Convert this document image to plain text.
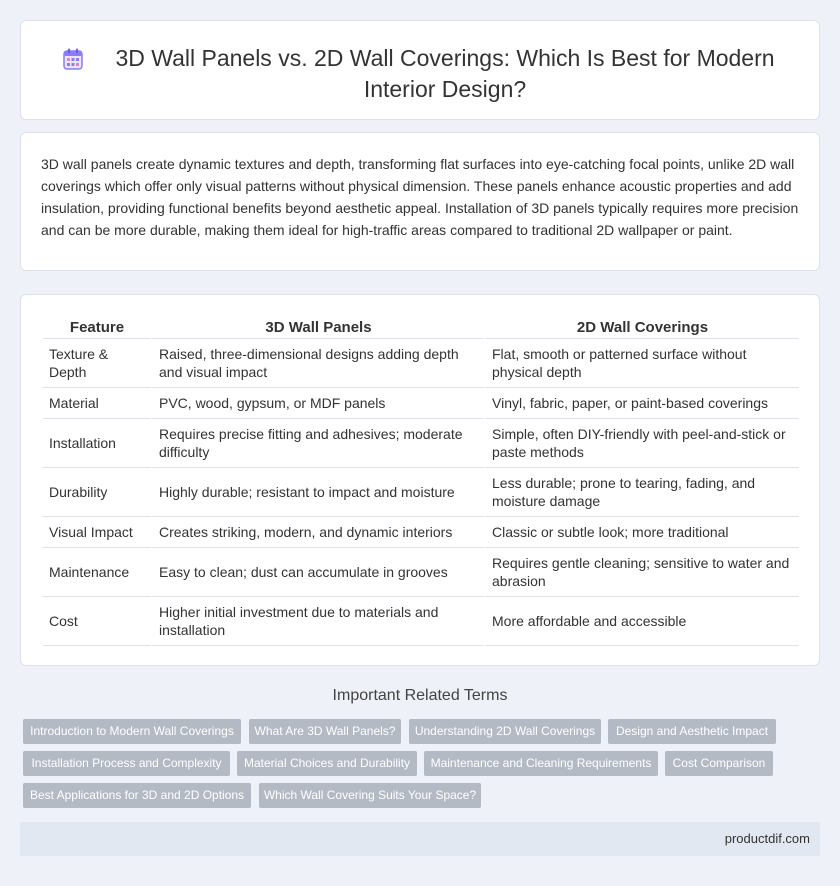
3D Wall Panels vs. 2D Wall Coverings: Which Is Best for Modern Interior Design?

3D wall panels create dynamic textures and depth, transforming flat surfaces into eye-catching focal points, unlike 2D wall coverings which offer only visual patterns without physical dimension. These panels enhance acoustic properties and add insulation, providing functional benefits beyond aesthetic appeal. Installation of 3D panels typically requires more precision and can be more durable, making them ideal for high-traffic areas compared to traditional 2D wallpaper or paint.

Feature	3D Wall Panels	2D Wall Coverings
Texture & Depth	Raised, three-dimensional designs adding depth and visual impact	Flat, smooth or patterned surface without physical depth
Material	PVC, wood, gypsum, or MDF panels	Vinyl, fabric, paper, or paint-based coverings
Installation	Requires precise fitting and adhesives; moderate difficulty	Simple, often DIY-friendly with peel-and-stick or paste methods
Durability	Highly durable; resistant to impact and moisture	Less durable; prone to tearing, fading, and moisture damage
Visual Impact	Creates striking, modern, and dynamic interiors	Classic or subtle look; more traditional
Maintenance	Easy to clean; dust can accumulate in grooves	Requires gentle cleaning; sensitive to water and abrasion
Cost	Higher initial investment due to materials and installation	More affordable and accessible
Important Related Terms
Introduction to Modern Wall Coverings	What Are 3D Wall Panels?	Understanding 2D Wall Coverings	Design and Aesthetic Impact
Installation Process and Complexity	Material Choices and Durability	Maintenance and Cleaning Requirements	Cost Comparison
Best Applications for 3D and 2D Options	Which Wall Covering Suits Your Space?
productdif.com
